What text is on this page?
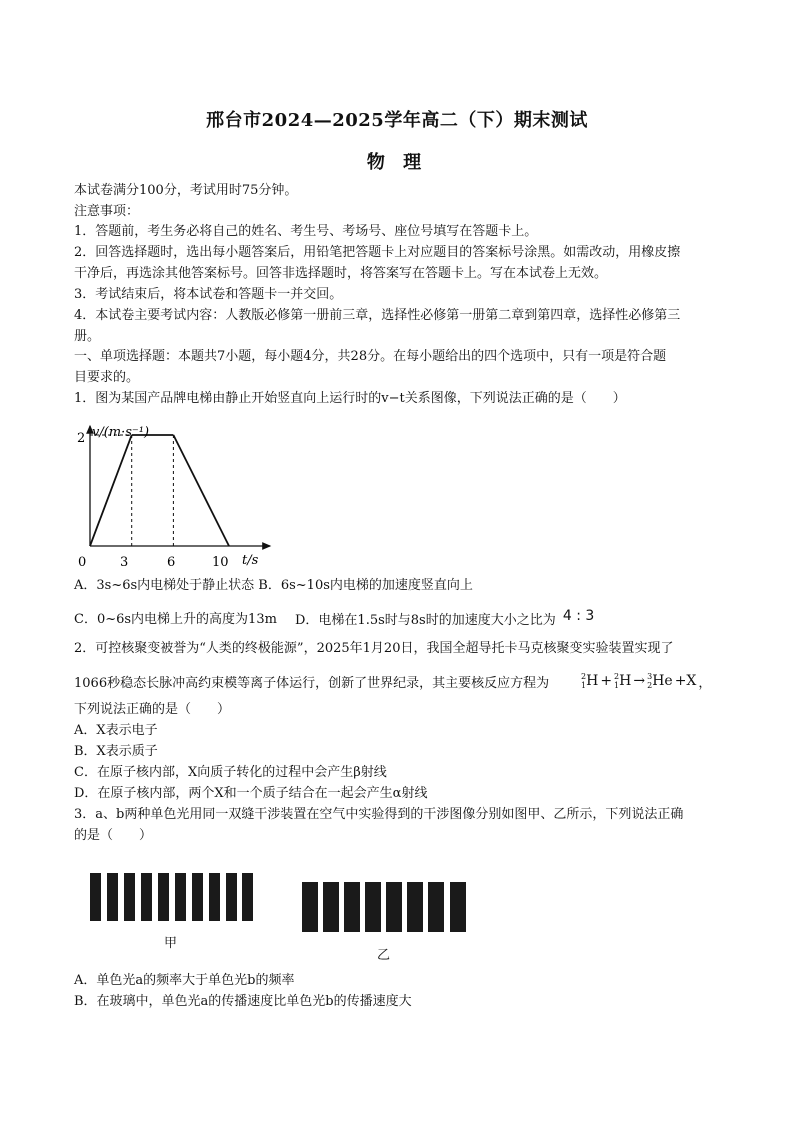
邢台市2024—2025学年高二（下）期末测试
物 理
本试卷满分100分，考试用时75分钟。
注意事项：
1．答题前，考生务必将自己的姓名、考生号、考场号、座位号填写在答题卡上。
2．回答选择题时，选出每小题答案后，用铅笔把答题卡上对应题目的答案标号涂黑。如需改动，用橡皮擦
干净后，再选涂其他答案标号。回答非选择题时，将答案写在答题卡上。写在本试卷上无效。
3．考试结束后，将本试卷和答题卡一并交回。
4．本试卷主要考试内容：人教版必修第一册前三章，选择性必修第一册第二章到第四章，选择性必修第三
册。
一、单项选择题：本题共7小题，每小题4分，共28分。在每小题给出的四个选项中，只有一项是符合题
目要求的。
1．图为某国产品牌电梯由静止开始竖直向上运行时的v−t关系图像，下列说法正确的是（　　）
v/(m·s⁻¹)
t/s
0	3	6	10
2
A．3s~6s内电梯处于静止状态 B．6s~10s内电梯的加速度竖直向上
C．0~6s内电梯上升的高度为13m D．电梯在1.5s时与8s时的加速度大小之比为 4 : 3
2．可控核聚变被誉为“人类的终极能源”，2025年1月20日，我国全超导托卡马克核聚变实验装置实现了
1066秒稳态长脉冲高约束模等离子体运行，创新了世界纪录，其主要核反应方程为	2
1 H + 2
1 H → 3
2 He +X ，
下列说法正确的是（　　）
A．X表示电子
B．X表示质子
C．在原子核内部，X向质子转化的过程中会产生β射线
D．在原子核内部，两个X和一个质子结合在一起会产生α射线
3．a、b两种单色光用同一双缝干涉装置在空气中实验得到的干涉图像分别如图甲、乙所示，下列说法正确
的是（　　）
甲
乙
A．单色光a的频率大于单色光b的频率
B．在玻璃中，单色光a的传播速度比单色光b的传播速度大
